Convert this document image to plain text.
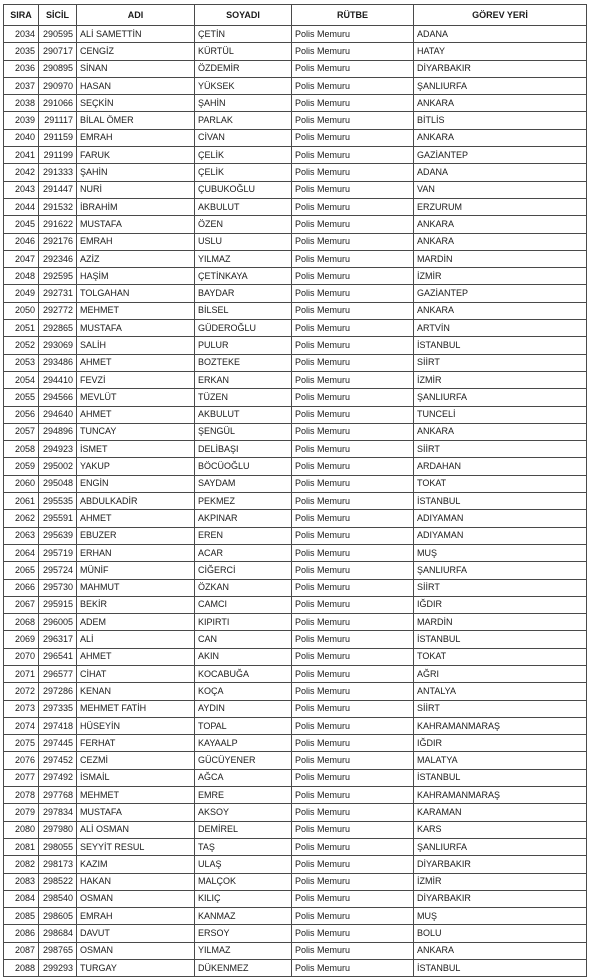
SIRA	SİCİL	ADI	SOYADI	RÜTBE	GÖREV YERİ
2034	290595	ALİ SAMETTİN	ÇETİN	Polis Memuru	ADANA
2035	290717	CENGİZ	KÜRTÜL	Polis Memuru	HATAY
2036	290895	SİNAN	ÖZDEMİR	Polis Memuru	DİYARBAKIR
2037	290970	HASAN	YÜKSEK	Polis Memuru	ŞANLIURFA
2038	291066	SEÇKİN	ŞAHİN	Polis Memuru	ANKARA
2039	291117	BİLAL ÖMER	PARLAK	Polis Memuru	BİTLİS
2040	291159	EMRAH	CİVAN	Polis Memuru	ANKARA
2041	291199	FARUK	ÇELİK	Polis Memuru	GAZİANTEP
2042	291333	ŞAHİN	ÇELİK	Polis Memuru	ADANA
2043	291447	NURİ	ÇUBUKOĞLU	Polis Memuru	VAN
2044	291532	İBRAHİM	AKBULUT	Polis Memuru	ERZURUM
2045	291622	MUSTAFA	ÖZEN	Polis Memuru	ANKARA
2046	292176	EMRAH	USLU	Polis Memuru	ANKARA
2047	292346	AZİZ	YILMAZ	Polis Memuru	MARDİN
2048	292595	HAŞİM	ÇETİNKAYA	Polis Memuru	İZMİR
2049	292731	TOLGAHAN	BAYDAR	Polis Memuru	GAZİANTEP
2050	292772	MEHMET	BİLSEL	Polis Memuru	ANKARA
2051	292865	MUSTAFA	GÜDEROĞLU	Polis Memuru	ARTVİN
2052	293069	SALİH	PULUR	Polis Memuru	İSTANBUL
2053	293486	AHMET	BOZTEKE	Polis Memuru	SİİRT
2054	294410	FEVZİ	ERKAN	Polis Memuru	İZMİR
2055	294566	MEVLÜT	TÜZEN	Polis Memuru	ŞANLIURFA
2056	294640	AHMET	AKBULUT	Polis Memuru	TUNCELİ
2057	294896	TUNCAY	ŞENGÜL	Polis Memuru	ANKARA
2058	294923	İSMET	DELİBAŞI	Polis Memuru	SİİRT
2059	295002	YAKUP	BÖCÜOĞLU	Polis Memuru	ARDAHAN
2060	295048	ENGİN	SAYDAM	Polis Memuru	TOKAT
2061	295535	ABDULKADİR	PEKMEZ	Polis Memuru	İSTANBUL
2062	295591	AHMET	AKPINAR	Polis Memuru	ADIYAMAN
2063	295639	EBUZER	EREN	Polis Memuru	ADIYAMAN
2064	295719	ERHAN	ACAR	Polis Memuru	MUŞ
2065	295724	MÜNİF	CİĞERCİ	Polis Memuru	ŞANLIURFA
2066	295730	MAHMUT	ÖZKAN	Polis Memuru	SİİRT
2067	295915	BEKİR	CAMCI	Polis Memuru	IĞDIR
2068	296005	ADEM	KIPIRTI	Polis Memuru	MARDİN
2069	296317	ALİ	CAN	Polis Memuru	İSTANBUL
2070	296541	AHMET	AKIN	Polis Memuru	TOKAT
2071	296577	CİHAT	KOCABUĞA	Polis Memuru	AĞRI
2072	297286	KENAN	KOÇA	Polis Memuru	ANTALYA
2073	297335	MEHMET FATİH	AYDIN	Polis Memuru	SİİRT
2074	297418	HÜSEYİN	TOPAL	Polis Memuru	KAHRAMANMARAŞ
2075	297445	FERHAT	KAYAALP	Polis Memuru	IĞDIR
2076	297452	CEZMİ	GÜCÜYENER	Polis Memuru	MALATYA
2077	297492	İSMAİL	AĞCA	Polis Memuru	İSTANBUL
2078	297768	MEHMET	EMRE	Polis Memuru	KAHRAMANMARAŞ
2079	297834	MUSTAFA	AKSOY	Polis Memuru	KARAMAN
2080	297980	ALİ OSMAN	DEMİREL	Polis Memuru	KARS
2081	298055	SEYYİT RESUL	TAŞ	Polis Memuru	ŞANLIURFA
2082	298173	KAZIM	ULAŞ	Polis Memuru	DİYARBAKIR
2083	298522	HAKAN	MALÇOK	Polis Memuru	İZMİR
2084	298540	OSMAN	KILIÇ	Polis Memuru	DİYARBAKIR
2085	298605	EMRAH	KANMAZ	Polis Memuru	MUŞ
2086	298684	DAVUT	ERSOY	Polis Memuru	BOLU
2087	298765	OSMAN	YILMAZ	Polis Memuru	ANKARA
2088	299293	TURGAY	DÜKENMEZ	Polis Memuru	İSTANBUL
